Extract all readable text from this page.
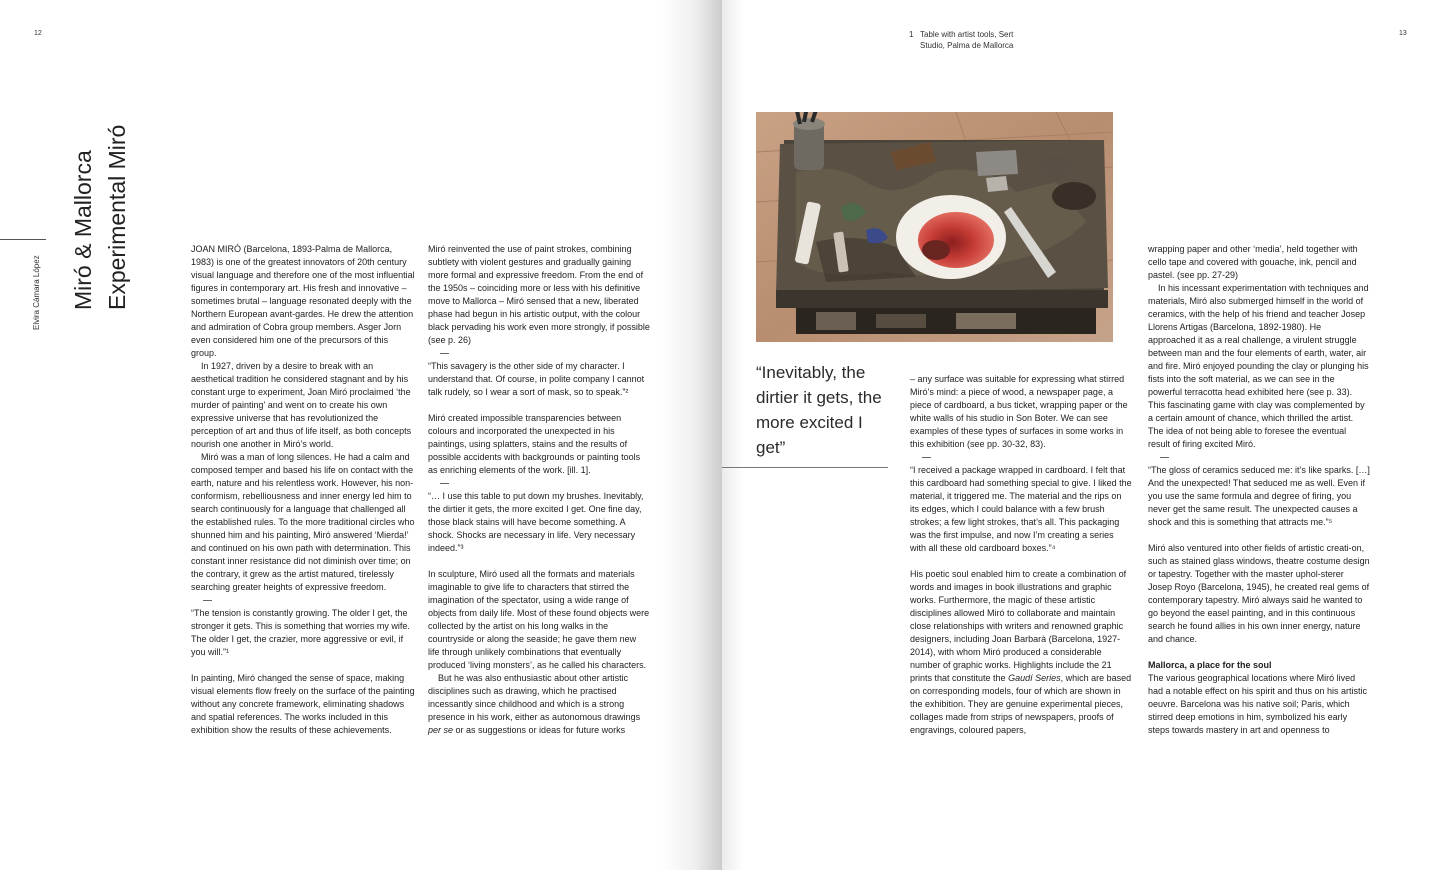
12	13
1 Table with artist tools, Sert Studio, Palma de Mallorca
Miró & Mallorca Experimental Miró
Elvira Cámara López

JOAN MIRÓ (Barcelona, 1893-Palma de Mallorca, 1983) is one of the greatest innovators of 20th century visual language and therefore one of the most influential figures in contemporary art. His fresh and innovative – sometimes brutal – language resonated deeply with the Northern European avant-gardes. He drew the attention and admiration of Cobra group members. Asger Jorn even considered him one of the precursors of this group.

In 1927, driven by a desire to break with an aesthetical tradition he considered stagnant and by his constant urge to experiment, Joan Miró proclaimed ‘the murder of painting’ and went on to create his own expressive universe that has revolutionized the perception of art and thus of life itself, as both concepts nourish one another in Miró’s world.

Miró was a man of long silences. He had a calm and composed temper and based his life on contact with the earth, nature and his relentless work. However, his non-conformism, rebelliousness and inner energy led him to search continuously for a language that challenged all the established rules. To the more traditional circles who shunned him and his painting, Miró answered ‘Mierda!’ and continued on his own path with determination. This constant inner resistance did not diminish over time; on the contrary, it grew as the artist matured, tirelessly searching greater heights of expressive freedom.

“The tension is constantly growing. The older I get, the stronger it gets. This is something that worries my wife. The older I get, the crazier, more aggressive or evil, if you will.”¹

In painting, Miró changed the sense of space, making visual elements flow freely on the surface of the painting without any concrete framework, eliminating shadows and spatial references. The works included in this exhibition show the results of these achievements.

Miró reinvented the use of paint strokes, combining subtlety with violent gestures and gradually gaining more formal and expressive freedom. From the end of the 1950s – coinciding more or less with his definitive move to Mallorca – Miró sensed that a new, liberated phase had begun in his artistic output, with the colour black pervading his work even more strongly, if possible (see p. 26)

“This savagery is the other side of my character. I understand that. Of course, in polite company I cannot talk rudely, so I wear a sort of mask, so to speak.”²

Miró created impossible transparencies between colours and incorporated the unexpected in his paintings, using splatters, stains and the results of possible accidents with backgrounds or painting tools as enriching elements of the work. [ill. 1].

“… I use this table to put down my brushes. Inevitably, the dirtier it gets, the more excited I get. One fine day, those black stains will have become something. A shock. Shocks are necessary in life. Very necessary indeed.”³

In sculpture, Miró used all the formats and materials imaginable to give life to characters that stirred the imagination of the spectator, using a wide range of objects from daily life. Most of these found objects were collected by the artist on his long walks in the countryside or along the seaside; he gave them new life through unlikely combinations that eventually produced ‘living monsters’, as he called his characters.

But he was also enthusiastic about other artistic disciplines such as drawing, which he practised incessantly since childhood and which is a strong presence in his work, either as autonomous drawings per se or as suggestions or ideas for future works

“Inevitably, the dirtier it gets, the more excited I get”

– any surface was suitable for expressing what stirred Miró’s mind: a piece of wood, a newspaper page, a piece of cardboard, a bus ticket, wrapping paper or the white walls of his studio in Son Boter. We can see examples of these types of surfaces in some works in this exhibition (see pp. 30-32, 83).

“I received a package wrapped in cardboard. I felt that this cardboard had something special to give. I liked the material, it triggered me. The material and the rips on its edges, which I could balance with a few brush strokes; a few light strokes, that’s all. This packaging was the first impulse, and now I’m creating a series with all these old cardboard boxes.”⁴

His poetic soul enabled him to create a combination of words and images in book illustrations and graphic works. Furthermore, the magic of these artistic disciplines allowed Miró to collaborate and maintain close relationships with writers and renowned graphic designers, including Joan Barbarà (Barcelona, 1927-2014), with whom Miró produced a considerable number of graphic works. Highlights include the 21 prints that constitute the Gaudí Series, which are based on corresponding models, four of which are shown in the exhibition. They are genuine experimental pieces, collages made from strips of newspapers, proofs of engravings, coloured papers,

wrapping paper and other ‘media’, held together with cello tape and covered with gouache, ink, pencil and pastel. (see pp. 27-29)

In his incessant experimentation with techniques and materials, Miró also submerged himself in the world of ceramics, with the help of his friend and teacher Josep Llorens Artigas (Barcelona, 1892-1980). He approached it as a real challenge, a virulent struggle between man and the four elements of earth, water, air and fire. Miró enjoyed pounding the clay or plunging his fists into the soft material, as we can see in the powerful terracotta head exhibited here (see p. 33). This fascinating game with clay was complemented by a certain amount of chance, which thrilled the artist. The idea of not being able to foresee the eventual result of firing excited Miró.

“The gloss of ceramics seduced me: it’s like sparks. […] And the unexpected! That seduced me as well. Even if you use the same formula and degree of firing, you never get the same result. The unexpected causes a shock and this is something that attracts me.”⁵

Miró also ventured into other fields of artistic creati-on, such as stained glass windows, theatre costume design or tapestry. Together with the master uphol-sterer Josep Royo (Barcelona, 1945), he created real gems of contemporary tapestry. Miró always said he wanted to go beyond the easel painting, and in this continuous search he found allies in his own inner energy, nature and chance.

Mallorca, a place for the soul

The various geographical locations where Miró lived had a notable effect on his spirit and thus on his artistic oeuvre. Barcelona was his native soil; Paris, which stirred deep emotions in him, symbolized his early steps towards mastery in art and openness to
